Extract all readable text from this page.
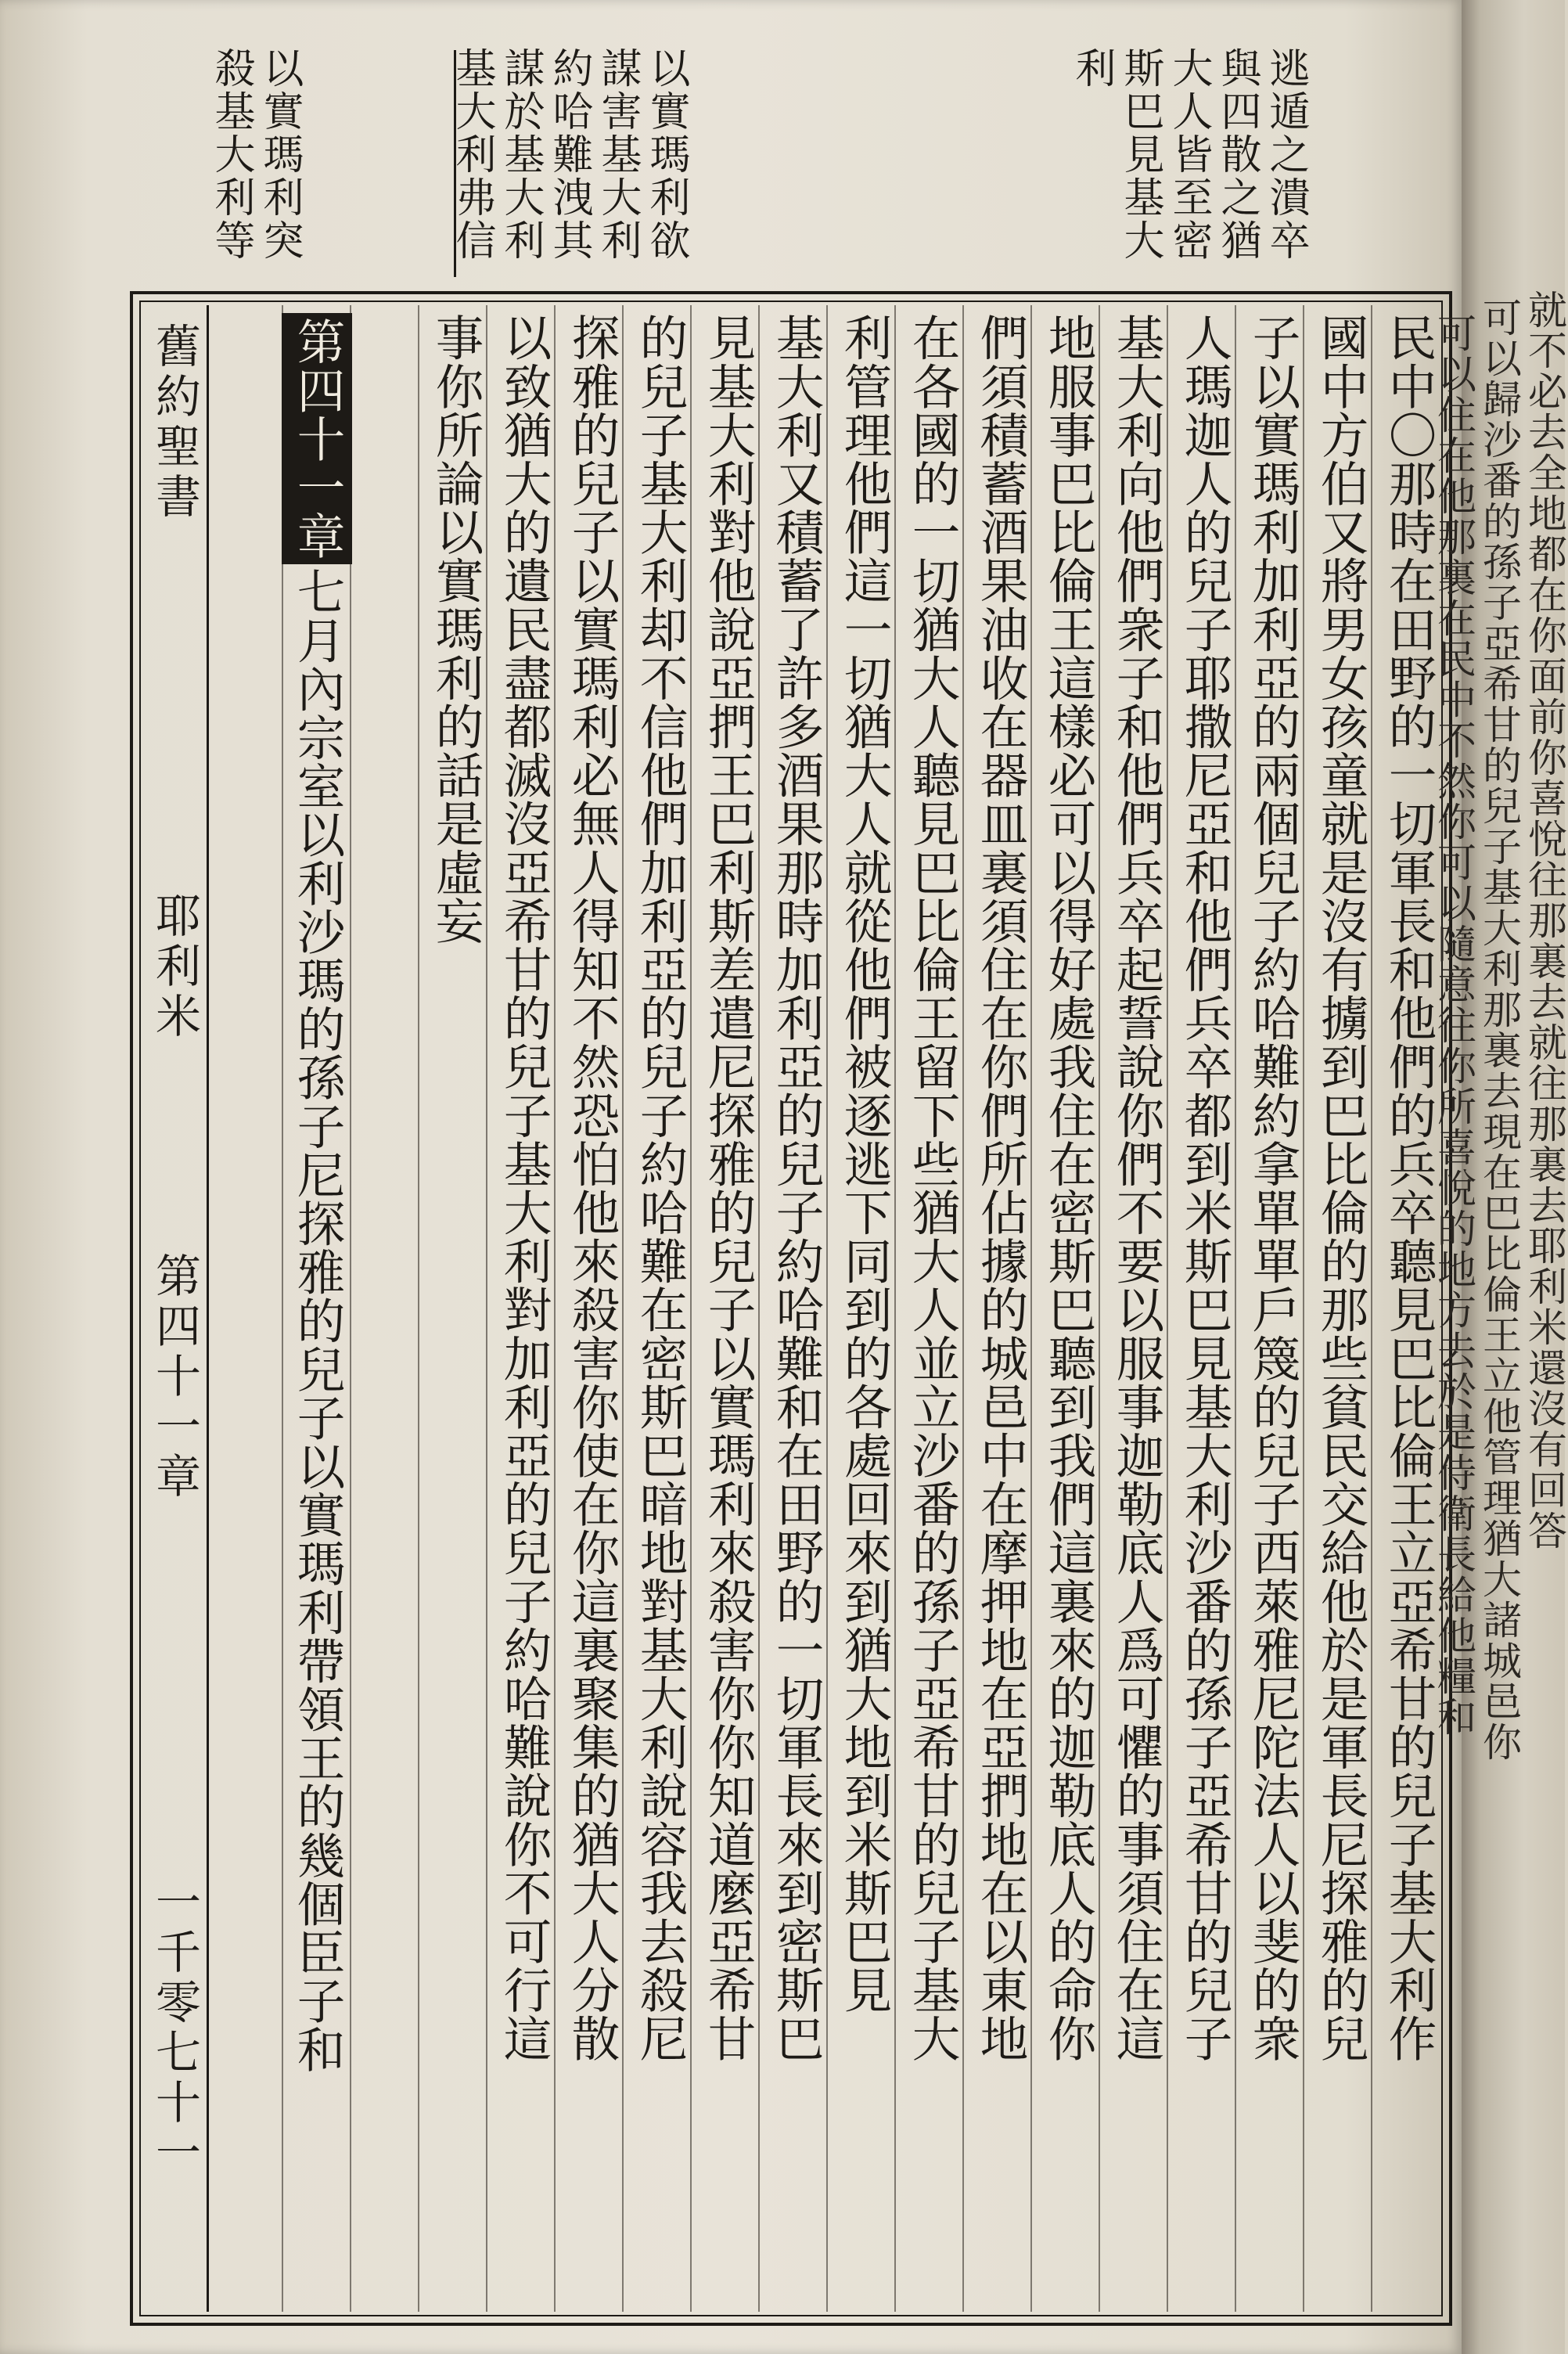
逃遁之潰卒
與四散之猶
大人皆至密
斯巴見基大
利
以實瑪利欲
謀害基大利
約哈難洩其
謀於基大利
基大利弗信
以實瑪利突
殺基大利等
民中〇那時在田野的一切軍長和他們的兵卒聽見巴比倫王立亞希甘的兒子基大利作
國中方伯又將男女孩童就是沒有擄到巴比倫的那些貧民交給他於是軍長尼探雅的兒
子以實瑪利加利亞的兩個兒子約哈難約拿單單戶篾的兒子西萊雅尼陀法人以斐的衆
人瑪迦人的兒子耶撒尼亞和他們兵卒都到米斯巴見基大利沙番的孫子亞希甘的兒子
基大利向他們衆子和他們兵卒起誓說你們不要以服事迦勒底人爲可懼的事須住在這
地服事巴比倫王這樣必可以得好處我住在密斯巴聽到我們這裏來的迦勒底人的命你
們須積蓄酒果油收在器皿裏須住在你們所佔據的城邑中在摩押地在亞捫地在以東地
在各國的一切猶大人聽見巴比倫王留下些猶大人並立沙番的孫子亞希甘的兒子基大
利管理他們這一切猶大人就從他們被逐逃下同到的各處回來到猶大地到米斯巴見
基大利又積蓄了許多酒果那時加利亞的兒子約哈難和在田野的一切軍長來到密斯巴
見基大利對他說亞捫王巴利斯差遣尼探雅的兒子以實瑪利來殺害你你知道麼亞希甘
的兒子基大利却不信他們加利亞的兒子約哈難在密斯巴暗地對基大利說容我去殺尼
探雅的兒子以實瑪利必無人得知不然恐怕他來殺害你使在你這裏聚集的猶大人分散
以致猶大的遺民盡都滅沒亞希甘的兒子基大利對加利亞的兒子約哈難說你不可行這
事你所論以實瑪利的話是虛妄
第四十一章七月內宗室以利沙瑪的孫子尼探雅的兒子以實瑪利帶領王的幾個臣子和
舊約聖書
耶利米
第四十一章
一千零七十一
就不必去全地都在你面前你喜悅往那裏去就往那裏去耶利米還沒有回答
可以歸沙番的孫子亞希甘的兒子基大利那裏去現在巴比倫王立他管理猶大諸城邑你
可以住在他那裏在民中不然你可以隨意往你所喜悅的地方去於是侍衛長給他糧和
